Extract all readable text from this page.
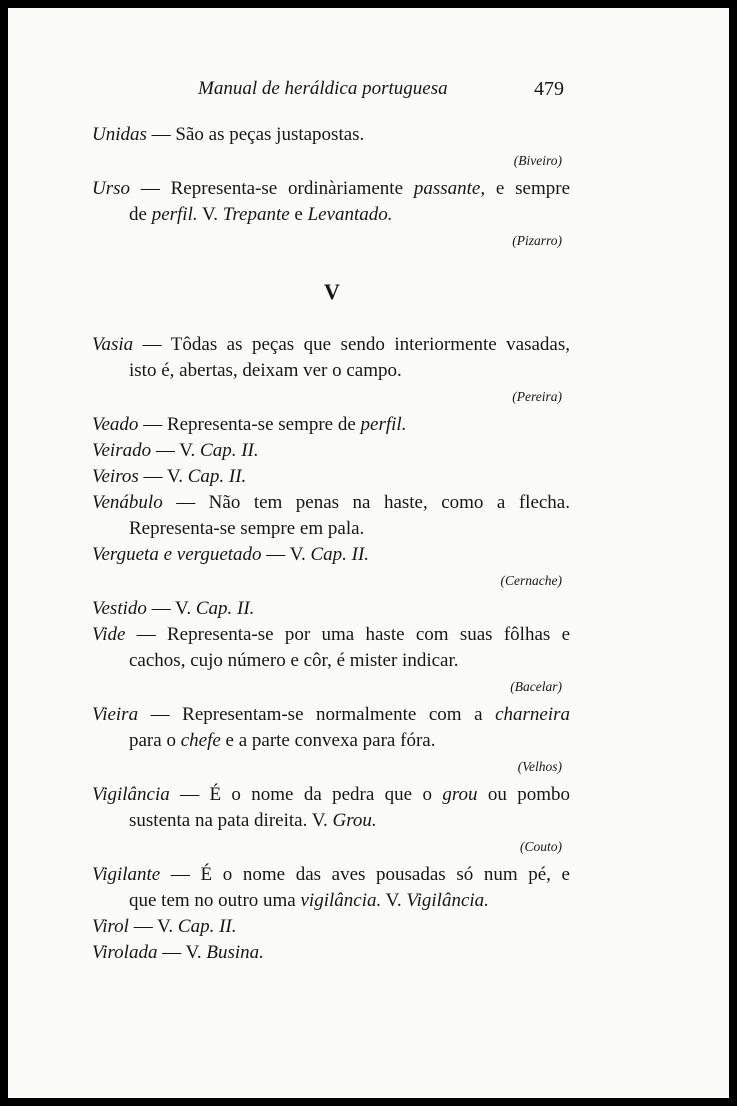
Manual de heráldica portuguesa	479
Unidas — São as peças justapostas.
(Biveiro)
Urso — Representa-se ordinàriamente passante, e sempre
de perfil. V. Trepante e Levantado.
(Pizarro)
V
Vasia — Tôdas as peças que sendo interiormente vasadas,
isto é, abertas, deixam ver o campo.
(Pereira)
Veado — Representa-se sempre de perfil.
Veirado — V. Cap. II.
Veiros — V. Cap. II.
Venábulo — Não tem penas na haste, como a flecha.
Representa-se sempre em pala.
Vergueta e verguetado — V. Cap. II.
(Cernache)
Vestido — V. Cap. II.
Vide — Representa-se por uma haste com suas fôlhas e
cachos, cujo número e côr, é mister indicar.
(Bacelar)
Vieira — Representam-se normalmente com a charneira
para o chefe e a parte convexa para fóra.
(Velhos)
Vigilância — É o nome da pedra que o grou ou pombo
sustenta na pata direita. V. Grou.
(Couto)
Vigilante — É o nome das aves pousadas só num pé, e
que tem no outro uma vigilância. V. Vigilância.
Virol — V. Cap. II.
Virolada — V. Busina.
